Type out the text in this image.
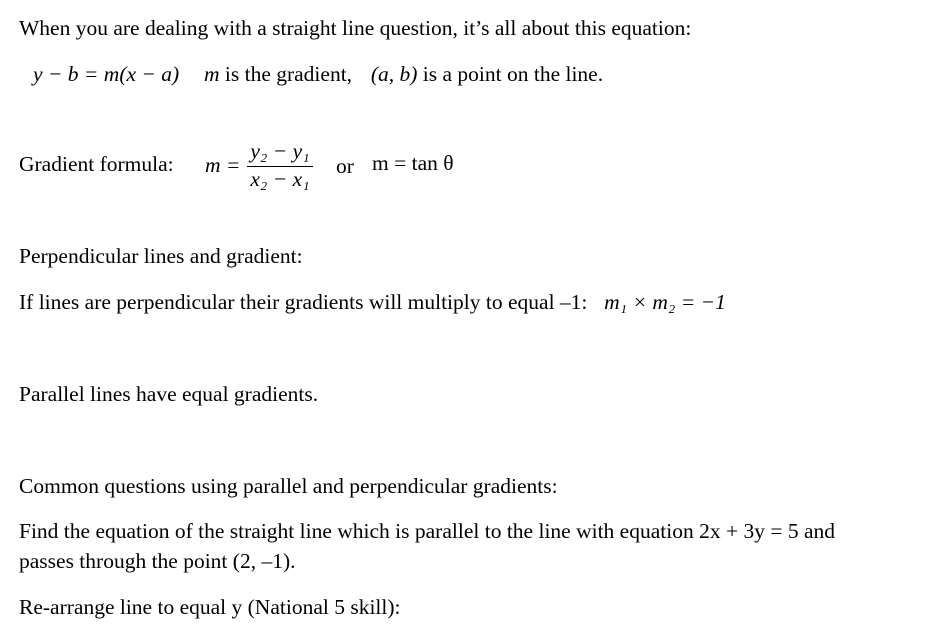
When you are dealing with a straight line question, it’s all about this equation:
y − b = m(x − a) m is the gradient, (a, b) is a point on the line.
Gradient formula: m =
y₂ − y₁
x₂ − x₁
or m = tan θ
Perpendicular lines and gradient:
If lines are perpendicular their gradients will multiply to equal –1: m₁ × m₂ = −1
Parallel lines have equal gradients.
Common questions using parallel and perpendicular gradients:
Find the equation of the straight line which is parallel to the line with equation 2x + 3y = 5 and
passes through the point (2, –1).
Re-arrange line to equal y (National 5 skill):
